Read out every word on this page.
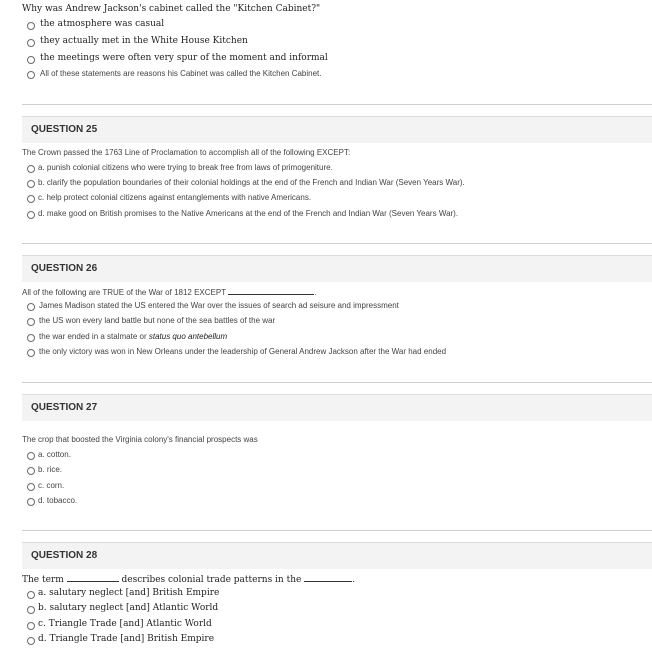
Why was Andrew Jackson's cabinet called the "Kitchen Cabinet?"
the atmosphere was casual
they actually met in the White House Kitchen
the meetings were often very spur of the moment and informal
All of these statements are reasons his Cabinet was called the Kitchen Cabinet.
QUESTION 25
The Crown passed the 1763 Line of Proclamation to accomplish all of the following EXCEPT:
a. punish colonial citizens who were trying to break free from laws of primogeniture.
b. clarify the population boundaries of their colonial holdings at the end of the French and Indian War (Seven Years War).
c. help protect colonial citizens against entanglements with native Americans.
d. make good on British promises to the Native Americans at the end of the French and Indian War (Seven Years War).
QUESTION 26
All of the following are TRUE of the War of 1812 EXCEPT	.
James Madison stated the US entered the War over the issues of search ad seisure and impressment
the US won every land battle but none of the sea battles of the war
the war ended in a stalmate or status quo antebellum
the only victory was won in New Orleans under the leadership of General Andrew Jackson after the War had ended
QUESTION 27
The crop that boosted the Virginia colony's financial prospects was
a. cotton.
b. rice.
c. corn.
d. tobacco.
QUESTION 28
The term	describes colonial trade patterns in the	.
a. salutary neglect [and] British Empire
b. salutary neglect [and] Atlantic World
c. Triangle Trade [and] Atlantic World
d. Triangle Trade [and] British Empire
